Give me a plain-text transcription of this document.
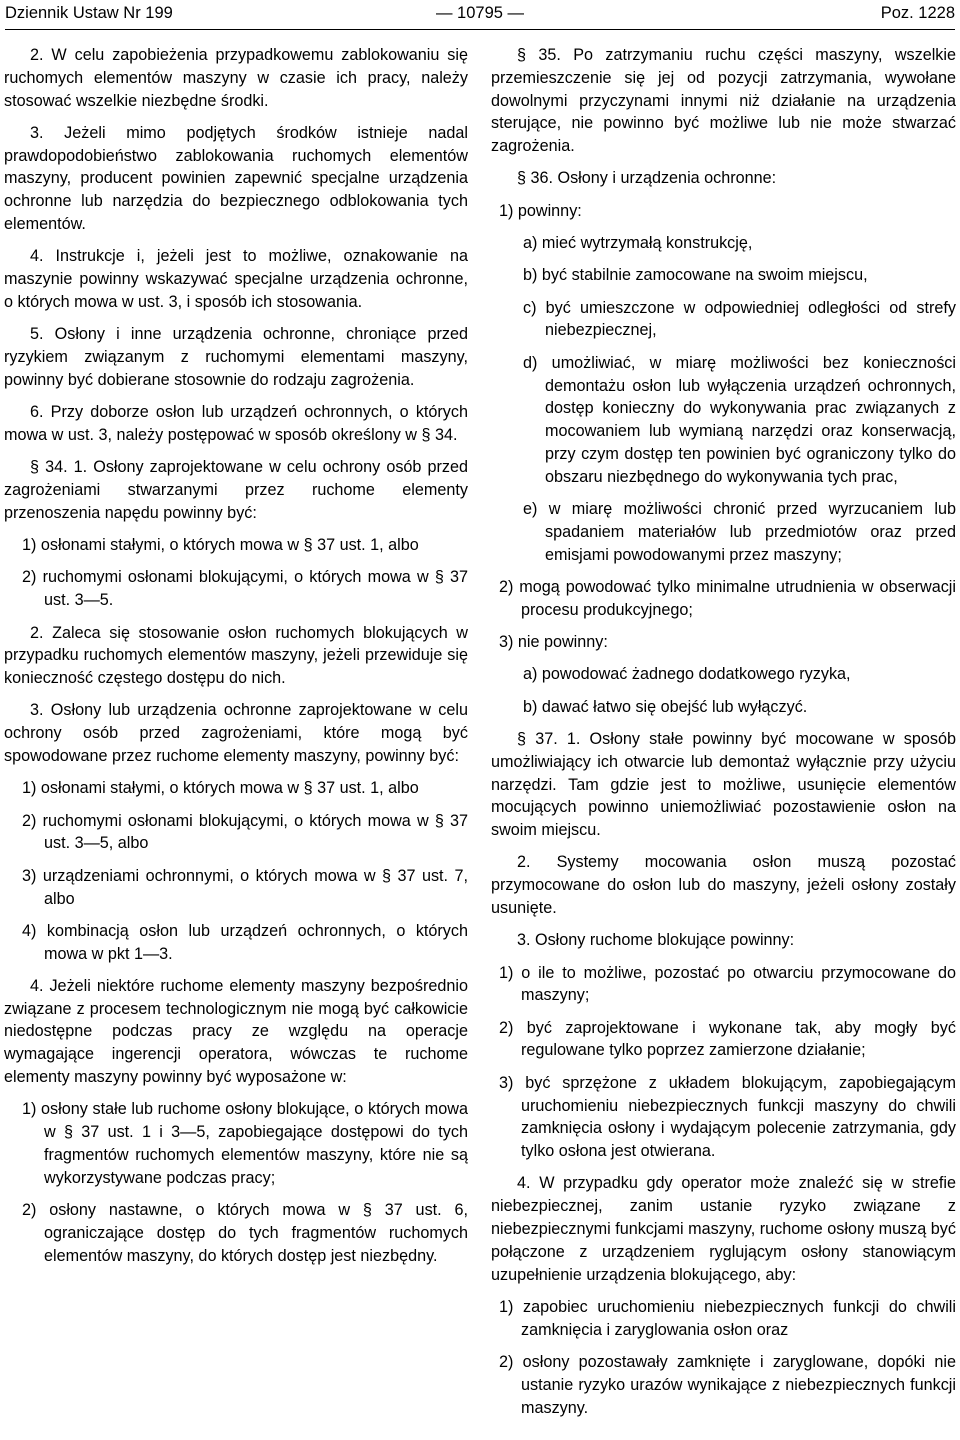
Dziennik Ustaw Nr 199	— 10795 —	Poz. 1228

2. W celu zapobieżenia przypadkowemu zablokowaniu się ruchomych elementów maszyny w czasie ich pracy, należy stosować wszelkie niezbędne środki.

3. Jeżeli mimo podjętych środków istnieje nadal prawdopodobieństwo zablokowania ruchomych elementów maszyny, producent powinien zapewnić specjalne urządzenia ochronne lub narzędzia do bezpiecznego odblokowania tych elementów.

4. Instrukcje i, jeżeli jest to możliwe, oznakowanie na maszynie powinny wskazywać specjalne urządzenia ochronne, o których mowa w ust. 3, i sposób ich stosowania.

5. Osłony i inne urządzenia ochronne, chroniące przed ryzykiem związanym z ruchomymi elementami maszyny, powinny być dobierane stosownie do rodzaju zagrożenia.

6. Przy doborze osłon lub urządzeń ochronnych, o których mowa w ust. 3, należy postępować w sposób określony w § 34.

§ 34. 1. Osłony zaprojektowane w celu ochrony osób przed zagrożeniami stwarzanymi przez ruchome elementy przenoszenia napędu powinny być:

1) osłonami stałymi, o których mowa w § 37 ust. 1, albo

2) ruchomymi osłonami blokującymi, o których mowa w § 37 ust. 3—5.

2. Zaleca się stosowanie osłon ruchomych blokujących w przypadku ruchomych elementów maszyny, jeżeli przewiduje się konieczność częstego dostępu do nich.

3. Osłony lub urządzenia ochronne zaprojektowane w celu ochrony osób przed zagrożeniami, które mogą być spowodowane przez ruchome elementy maszyny, powinny być:

1) osłonami stałymi, o których mowa w § 37 ust. 1, albo

2) ruchomymi osłonami blokującymi, o których mowa w § 37 ust. 3—5, albo

3) urządzeniami ochronnymi, o których mowa w § 37 ust. 7, albo

4) kombinacją osłon lub urządzeń ochronnych, o których mowa w pkt 1—3.

4. Jeżeli niektóre ruchome elementy maszyny bezpośrednio związane z procesem technologicznym nie mogą być całkowicie niedostępne podczas pracy ze względu na operacje wymagające ingerencji operatora, wówczas te ruchome elementy maszyny powinny być wyposażone w:

1) osłony stałe lub ruchome osłony blokujące, o których mowa w § 37 ust. 1 i 3—5, zapobiegające dostępowi do tych fragmentów ruchomych elementów maszyny, które nie są wykorzystywane podczas pracy;

2) osłony nastawne, o których mowa w § 37 ust. 6, ograniczające dostęp do tych fragmentów ruchomych elementów maszyny, do których dostęp jest niezbędny.

§ 35. Po zatrzymaniu ruchu części maszyny, wszelkie przemieszczenie się jej od pozycji zatrzymania, wywołane dowolnymi przyczynami innymi niż działanie na urządzenia sterujące, nie powinno być możliwe lub nie może stwarzać zagrożenia.

§ 36. Osłony i urządzenia ochronne:

1) powinny:

a) mieć wytrzymałą konstrukcję,

b) być stabilnie zamocowane na swoim miejscu,

c) być umieszczone w odpowiedniej odległości od strefy niebezpiecznej,

d) umożliwiać, w miarę możliwości bez konieczności demontażu osłon lub wyłączenia urządzeń ochronnych, dostęp konieczny do wykonywania prac związanych z mocowaniem lub wymianą narzędzi oraz konserwacją, przy czym dostęp ten powinien być ograniczony tylko do obszaru niezbędnego do wykonywania tych prac,

e) w miarę możliwości chronić przed wyrzucaniem lub spadaniem materiałów lub przedmiotów oraz przed emisjami powodowanymi przez maszyny;

2) mogą powodować tylko minimalne utrudnienia w obserwacji procesu produkcyjnego;

3) nie powinny:

a) powodować żadnego dodatkowego ryzyka,

b) dawać łatwo się obejść lub wyłączyć.

§ 37. 1. Osłony stałe powinny być mocowane w sposób umożliwiający ich otwarcie lub demontaż wyłącznie przy użyciu narzędzi. Tam gdzie jest to możliwe, usunięcie elementów mocujących powinno uniemożliwiać pozostawienie osłon na swoim miejscu.

2. Systemy mocowania osłon muszą pozostać przymocowane do osłon lub do maszyny, jeżeli osłony zostały usunięte.

3. Osłony ruchome blokujące powinny:

1) o ile to możliwe, pozostać po otwarciu przymocowane do maszyny;

2) być zaprojektowane i wykonane tak, aby mogły być regulowane tylko poprzez zamierzone działanie;

3) być sprzężone z układem blokującym, zapobiegającym uruchomieniu niebezpiecznych funkcji maszyny do chwili zamknięcia osłony i wydającym polecenie zatrzymania, gdy tylko osłona jest otwierana.

4. W przypadku gdy operator może znaleźć się w strefie niebezpiecznej, zanim ustanie ryzyko związane z niebezpiecznymi funkcjami maszyny, ruchome osłony muszą być połączone z urządzeniem ryglującym osłony stanowiącym uzupełnienie urządzenia blokującego, aby:

1) zapobiec uruchomieniu niebezpiecznych funkcji do chwili zamknięcia i zaryglowania osłon oraz

2) osłony pozostawały zamknięte i zaryglowane, dopóki nie ustanie ryzyko urazów wynikające z niebezpiecznych funkcji maszyny.
